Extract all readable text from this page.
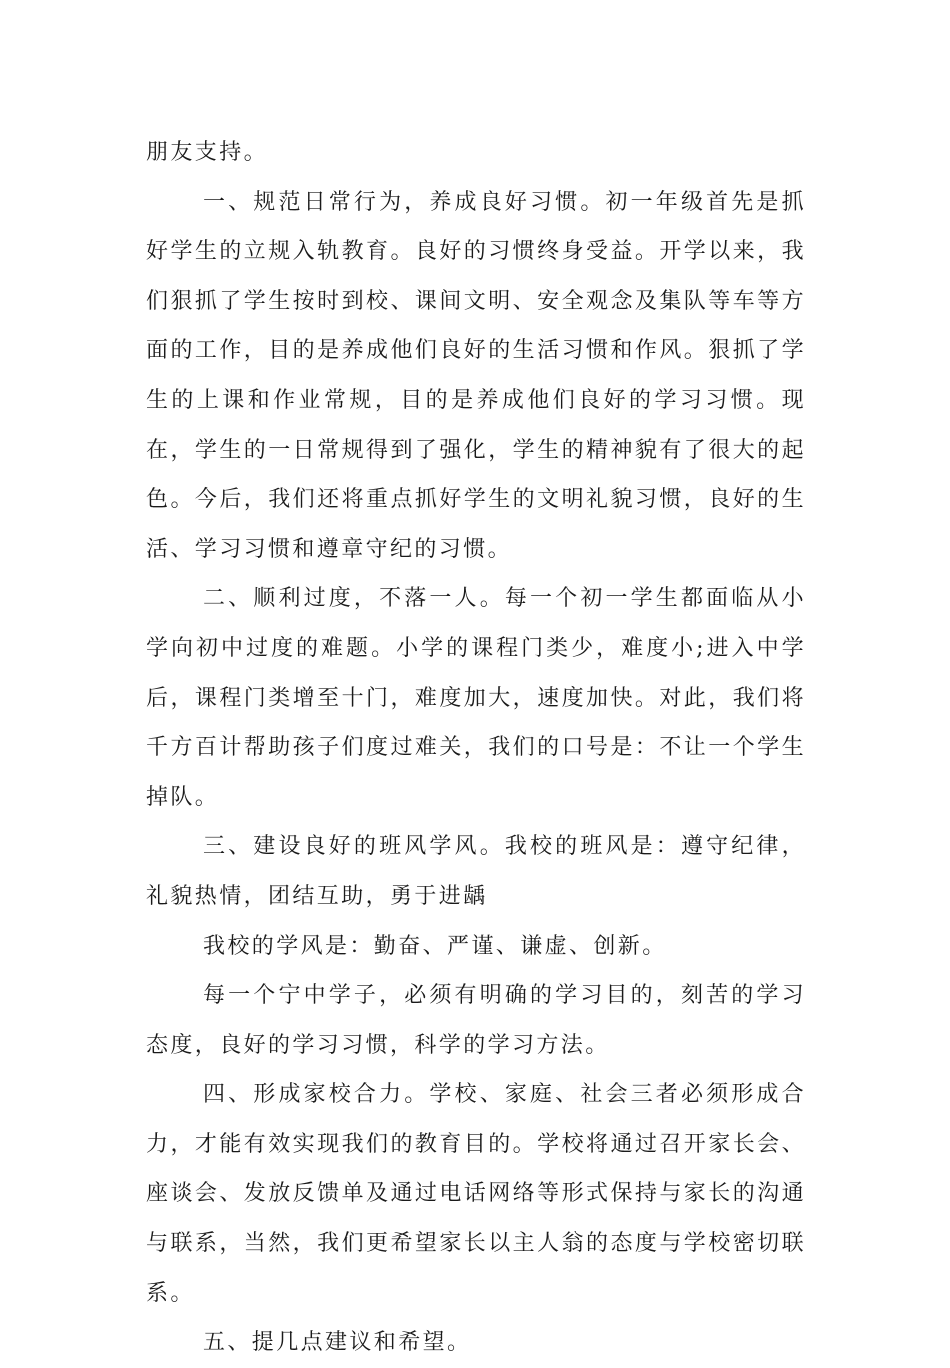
朋友支持。

一、规范日常行为，养成良好习惯。初一年级首先是抓好学生的立规入轨教育。良好的习惯终身受益。开学以来，我们狠抓了学生按时到校、课间文明、安全观念及集队等车等方面的工作，目的是养成他们良好的生活习惯和作风。狠抓了学生的上课和作业常规，目的是养成他们良好的学习习惯。现在，学生的一日常规得到了强化，学生的精神貌有了很大的起色。今后，我们还将重点抓好学生的文明礼貌习惯，良好的生活、学习习惯和遵章守纪的习惯。

二、顺利过度，不落一人。每一个初一学生都面临从小学向初中过度的难题。小学的课程门类少，难度小;进入中学后，课程门类增至十门，难度加大，速度加快。对此，我们将千方百计帮助孩子们度过难关，我们的口号是：不让一个学生掉队。

三、建设良好的班风学风。我校的班风是：遵守纪律，礼貌热情，团结互助，勇于进龋

我校的学风是：勤奋、严谨、谦虚、创新。

每一个宁中学子，必须有明确的学习目的，刻苦的学习态度，良好的学习习惯，科学的学习方法。

四、形成家校合力。学校、家庭、社会三者必须形成合力，才能有效实现我们的教育目的。学校将通过召开家长会、座谈会、发放反馈单及通过电话网络等形式保持与家长的沟通与联系，当然，我们更希望家长以主人翁的态度与学校密切联系。

五、提几点建议和希望。
